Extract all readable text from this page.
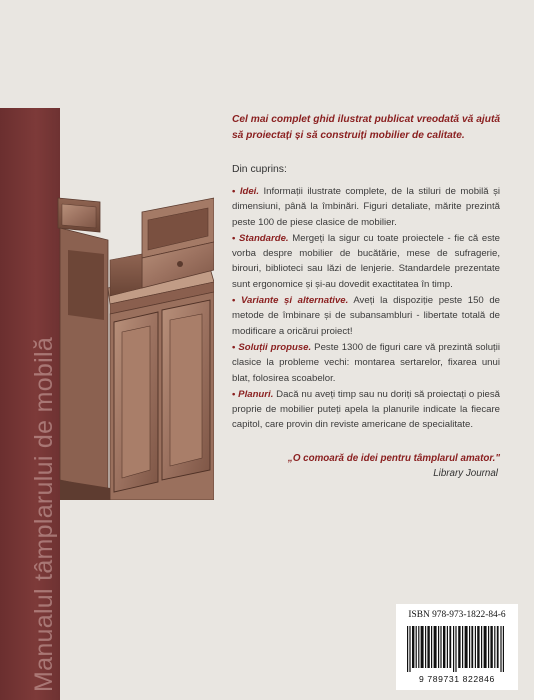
Manualul tâmplarului de mobilă

Cel mai complet ghid ilustrat publicat vreodată vă ajută să proiectați și să construiți mobilier de calitate.

Din cuprins:

• Idei. Informații ilustrate complete, de la stiluri de mobilă și dimensiuni, până la îmbinări. Figuri detaliate, mărite prezintă peste 100 de piese clasice de mobilier.

• Standarde. Mergeți la sigur cu toate proiectele - fie că este vorba despre mobilier de bucătărie, mese de sufragerie, birouri, biblioteci sau lăzi de lenjerie. Standardele prezentate sunt ergonomice și și-au dovedit exactitatea în timp.

• Variante și alternative. Aveți la dispoziție peste 150 de metode de îmbinare și de subansambluri - libertate totală de modificare a oricărui proiect!

• Soluții propuse. Peste 1300 de figuri care vă prezintă soluții clasice la probleme vechi: montarea sertarelor, fixarea unui blat, folosirea scoabelor.

• Planuri. Dacă nu aveți timp sau nu doriți să proiectați o piesă proprie de mobilier puteți apela la planurile indicate la fiecare capitol, care provin din reviste americane de specialitate.

„O comoară de idei pentru tâmplarul amator."
Library Journal
ISBN 978-973-1822-84-6
9 789731 822846
